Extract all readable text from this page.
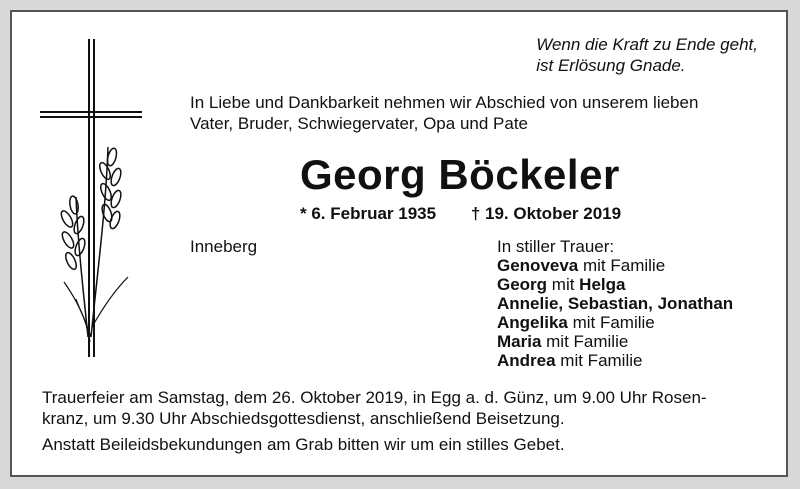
Wenn die Kraft zu Ende geht,
ist Erlösung Gnade.
In Liebe und Dankbarkeit nehmen wir Abschied von unserem lieben
Vater, Bruder, Schwiegervater, Opa und Pate
Georg Böckeler
* 6. Februar 1935 † 19. Oktober 2019
Inneberg	In stiller Trauer:
Genoveva mit Familie
Georg mit Helga
Annelie, Sebastian, Jonathan
Angelika mit Familie
Maria mit Familie
Andrea mit Familie

Trauerfeier am Samstag, dem 26. Oktober 2019, in Egg a. d. Günz, um 9.00 Uhr Rosen-

kranz, um 9.30 Uhr Abschiedsgottesdienst, anschließend Beisetzung.

Anstatt Beileidsbekundungen am Grab bitten wir um ein stilles Gebet.
